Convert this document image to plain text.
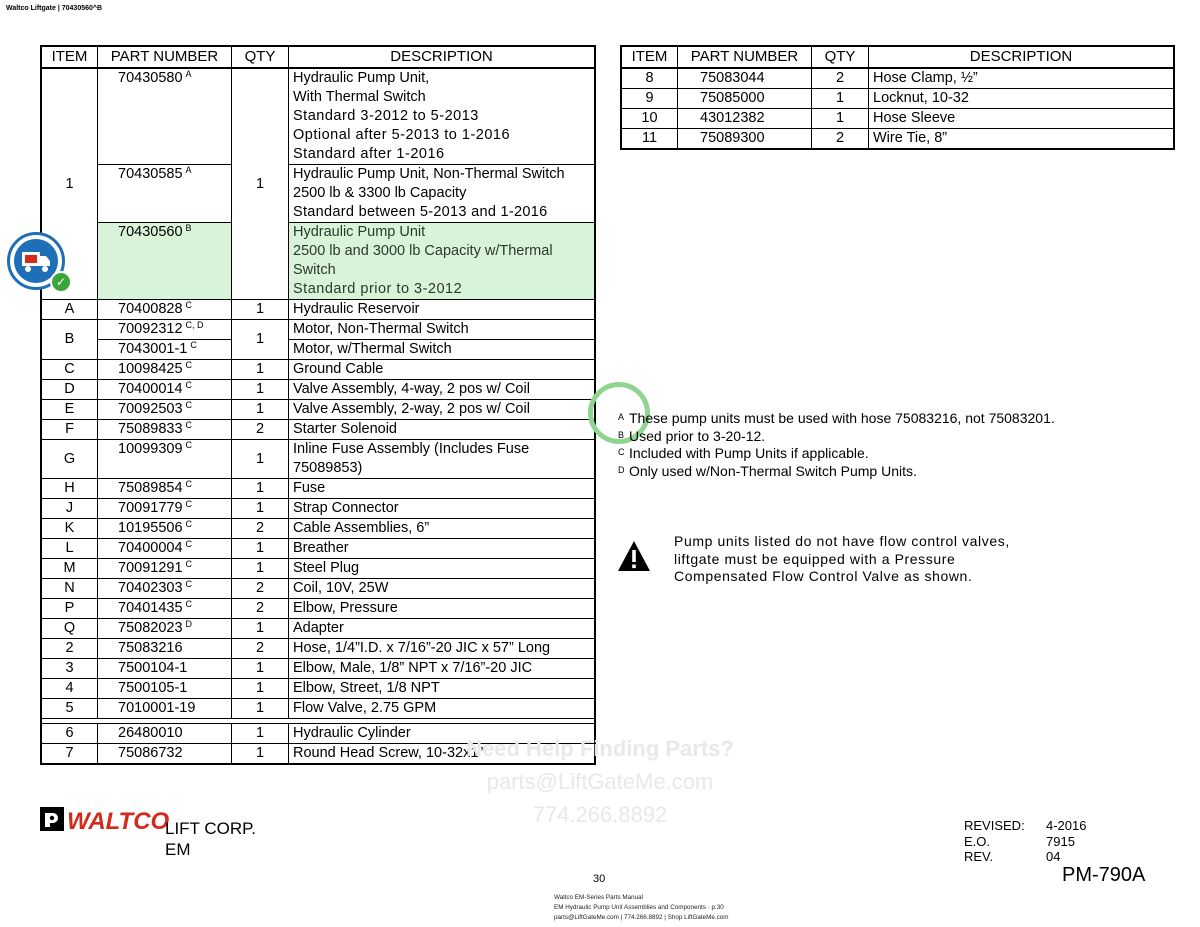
Waltco Liftgate | 70430560^B
ITEM	PART NUMBER	QTY	DESCRIPTION
1	70430580 $^A$	1	Hydraulic Pump Unit,
With Thermal Switch
Standard 3-2012 to 5-2013
Optional after 5-2013 to 1-2016
Standard after 1-2016

	70430585 $^A$		Hydraulic Pump Unit, Non-Thermal Switch
2500 lb & 3300 lb Capacity
Standard between 5-2013 and 1-2016

	70430560 $^B$		Hydraulic Pump Unit
2500 lb and 3000 lb Capacity w/Thermal Switch
Standard prior to 3-2012

A	70400828 $^C$	1	Hydraulic Reservoir
B	70092312 $^{C, D}$	1	Motor, Non-Thermal Switch
	7043001-1 $^C$		Motor, w/Thermal Switch
C	10098425 $^C$	1	Ground Cable
D	70400014 $^C$	1	Valve Assembly, 4-way, 2 pos w/ Coil
E	70092503 $^C$	1	Valve Assembly, 2-way, 2 pos w/ Coil
F	75089833 $^C$	2	Starter Solenoid
G	10099309 $^C$	1	Inline Fuse Assembly (Includes Fuse 75089853)
H	75089854 $^C$	1	Fuse
J	70091779 $^C$	1	Strap Connector
K	10195506 $^C$	2	Cable Assemblies, 6”
L	70400004 $^C$	1	Breather
M	70091291 $^C$	1	Steel Plug
N	70402303 $^C$	2	Coil, 10V, 25W
P	70401435 $^C$	2	Elbow, Pressure
Q	75082023 $^D$	1	Adapter
2	75083216	2	Hose, 1/4”I.D. x 7/16”-20 JIC x 57” Long
3	7500104-1	1	Elbow, Male, 1/8” NPT x 7/16”-20 JIC
4	7500105-1	1	Elbow, Street, 1/8 NPT
5	7010001-19	1	Flow Valve, 2.75 GPM

6	26480010	1	Hydraulic Cylinder
7	75086732	1	Round Head Screw, 10-32x1”
ITEM	PART NUMBER	QTY	DESCRIPTION
8	75083044	2	Hose Clamp, ½”
9	75085000	1	Locknut, 10-32
10	43012382	1	Hose Sleeve
11	75089300	2	Wire Tie, 8”
✓
A These pump units must be used with hose 75083216, not 75083201.
B Used prior to 3-20-12.
C Included with Pump Units if applicable.
D Only used w/Non-Thermal Switch Pump Units.
Pump units listed do not have flow control valves, liftgate must be equipped with a Pressure Compensated Flow Control Valve as shown.
Need Help Finding Parts?
parts@LiftGateMe.com
774.266.8892
WALTCO
LIFT CORP.
EM
REVISED: 4-2016
E.O.	7915
REV.	04
PM-790A
30
Waltco EM-Series Parts Manual
EM Hydraulic Pump Unit Assemblies and Components · p.30
parts@LiftGateMe.com | 774.266.8892 | Shop LiftGateMe.com
